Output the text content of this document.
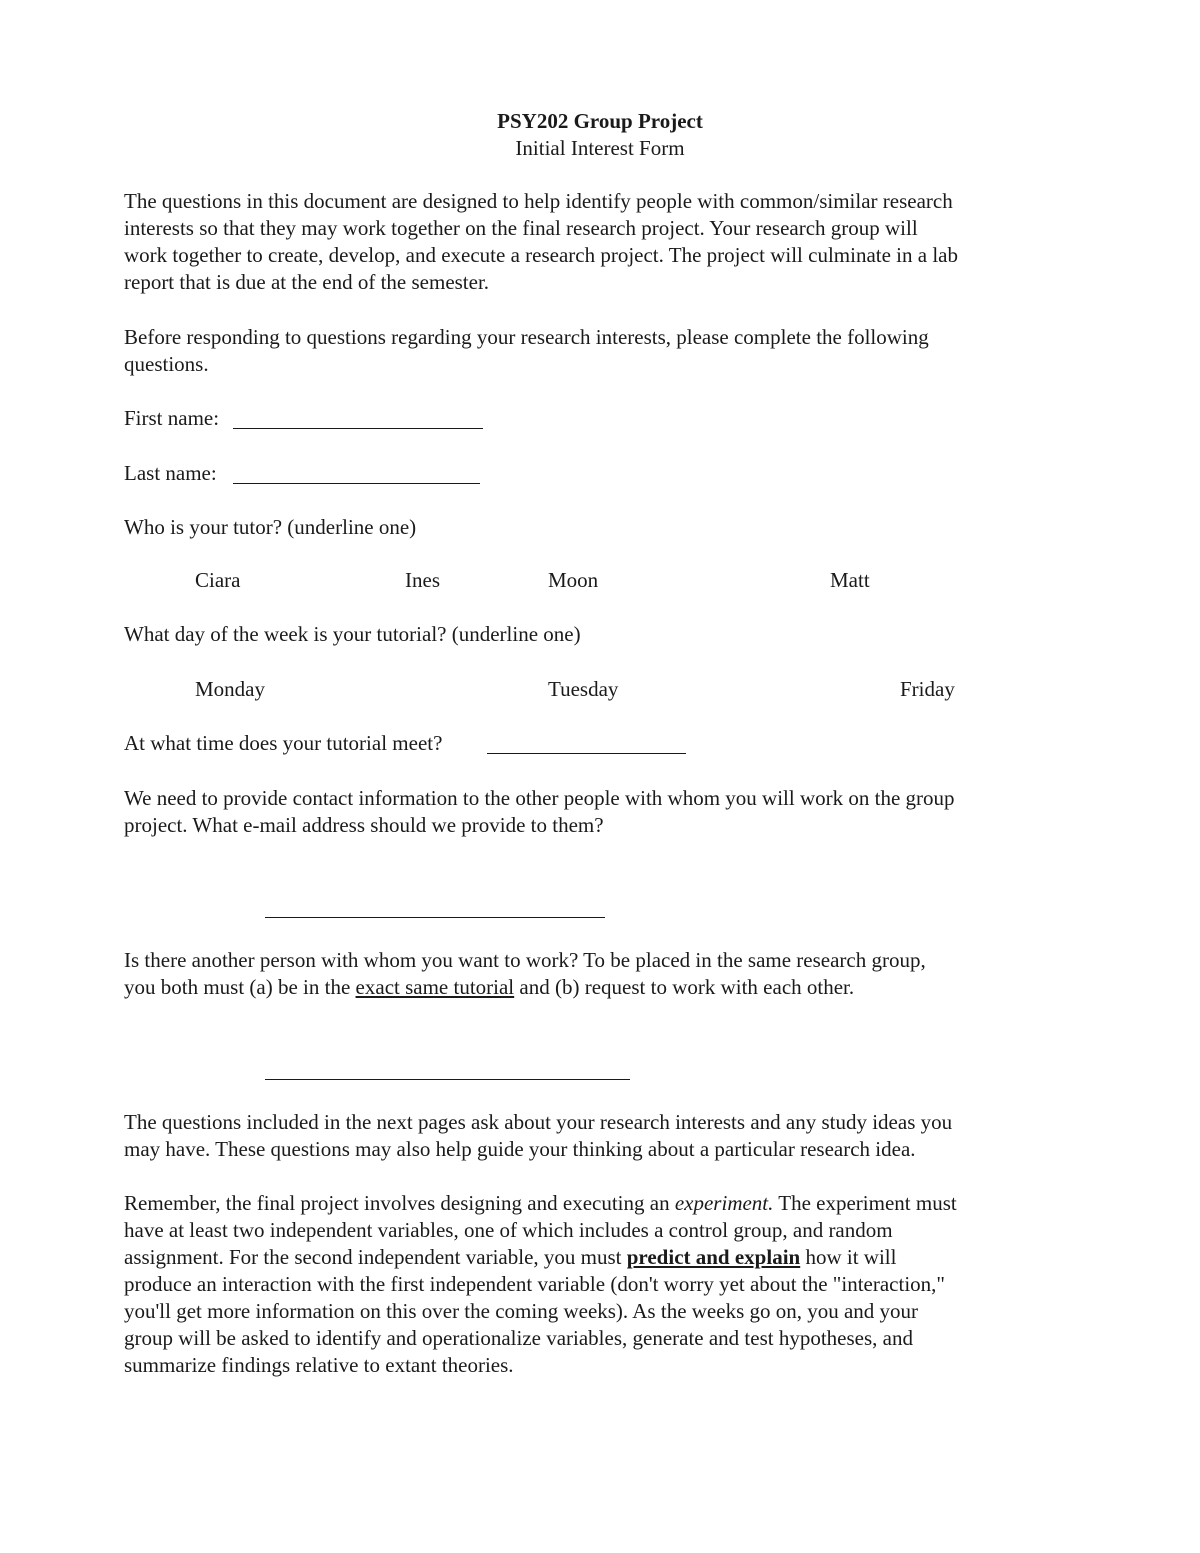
PSY202 Group Project
Initial Interest Form
The questions in this document are designed to help identify people with common/similar research
interests so that they may work together on the final research project. Your research group will
work together to create, develop, and execute a research project. The project will culminate in a lab
report that is due at the end of the semester.
Before responding to questions regarding your research interests, please complete the following
questions.
First name:
Last name:
Who is your tutor? (underline one)
Ciara	Ines	Moon	Matt
What day of the week is your tutorial? (underline one)
Monday	Tuesday	Friday
At what time does your tutorial meet?
We need to provide contact information to the other people with whom you will work on the group
project. What e-mail address should we provide to them?
Is there another person with whom you want to work? To be placed in the same research group,
you both must (a) be in the exact same tutorial and (b) request to work with each other.
The questions included in the next pages ask about your research interests and any study ideas you
may have. These questions may also help guide your thinking about a particular research idea.
Remember, the final project involves designing and executing an experiment. The experiment must
have at least two independent variables, one of which includes a control group, and random
assignment. For the second independent variable, you must predict and explain how it will
produce an interaction with the first independent variable (don't worry yet about the "interaction,"
you'll get more information on this over the coming weeks). As the weeks go on, you and your
group will be asked to identify and operationalize variables, generate and test hypotheses, and
summarize findings relative to extant theories.
